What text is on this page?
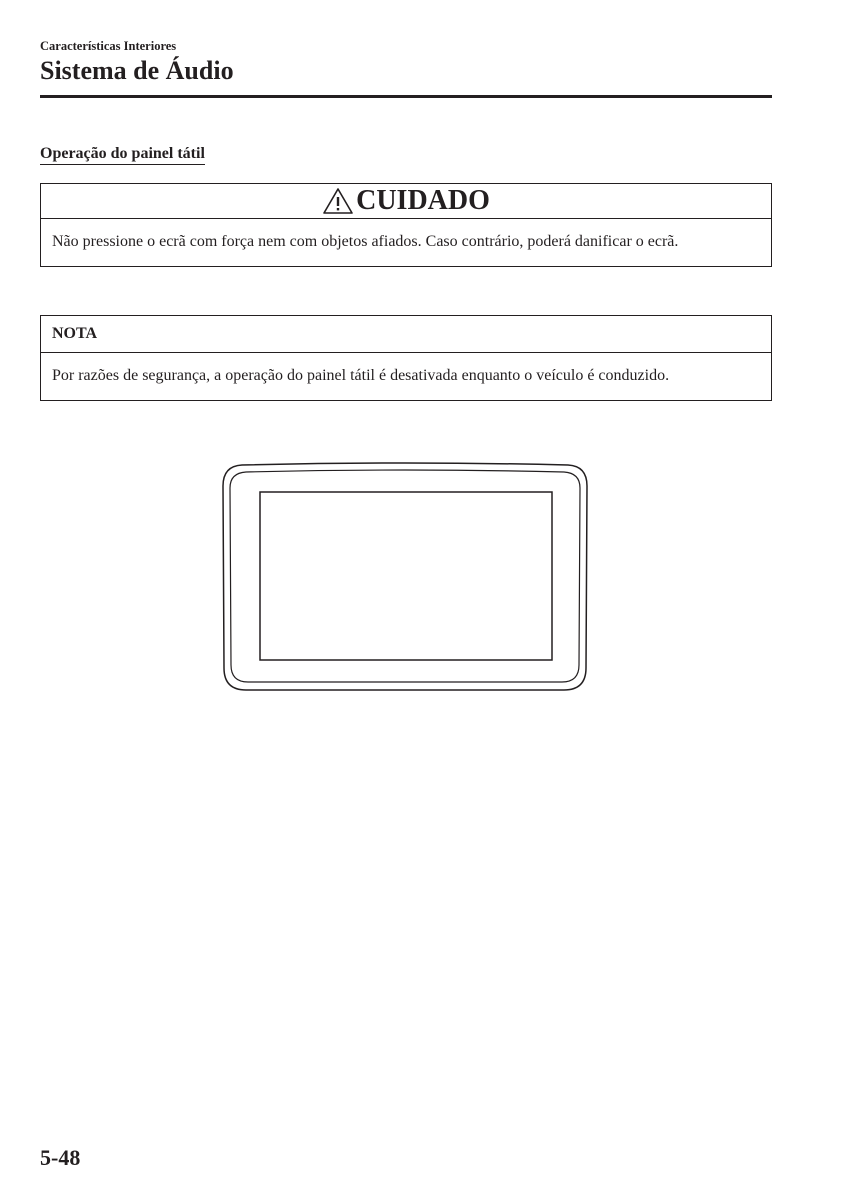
Características Interiores
Sistema de Áudio
Operação do painel tátil
CUIDADO
Não pressione o ecrã com força nem com objetos afiados. Caso contrário, poderá danificar o ecrã.
NOTA
Por razões de segurança, a operação do painel tátil é desativada enquanto o veículo é conduzido.
5-48
